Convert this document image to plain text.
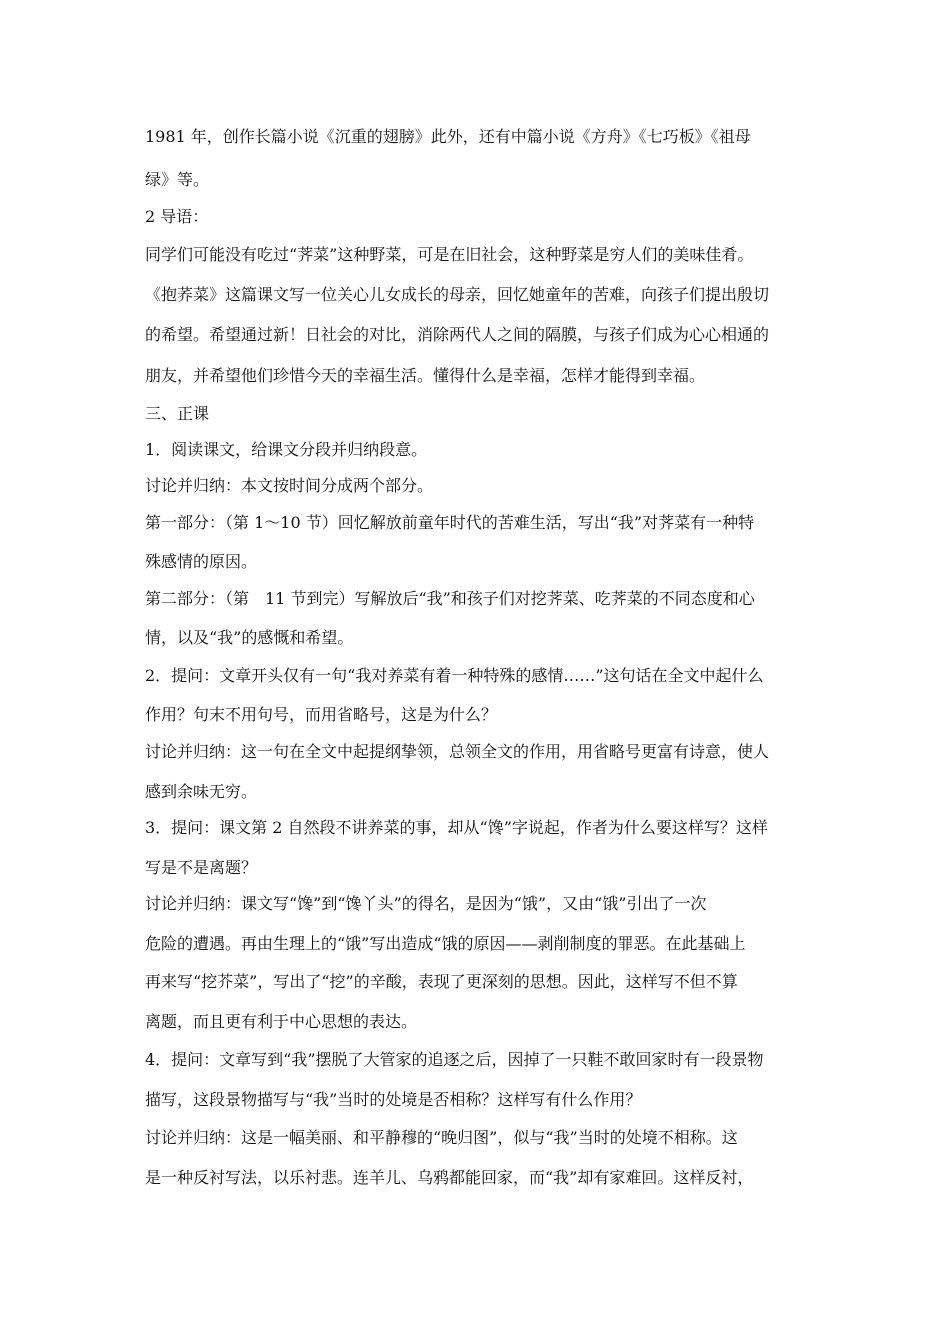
1981 年，创作长篇小说《沉重的翅膀》此外，还有中篇小说《方舟》《七巧板》《祖母
绿》等。
2 导语：
同学们可能没有吃过“荠菜”这种野菜，可是在旧社会，这种野菜是穷人们的美味佳肴。
《抱荞菜》这篇课文写一位关心儿女成长的母亲，回忆她童年的苦难，向孩子们提出殷切
的希望。希望通过新！日社会的对比，消除两代人之间的隔膜，与孩子们成为心心相通的
朋友，并希望他们珍惜今天的幸福生活。懂得什么是幸福，怎样才能得到幸福。
三、正课
1．阅读课文，给课文分段并归纳段意。
讨论并归纳：本文按时间分成两个部分。
第一部分：（第 1～10 节）回忆解放前童年时代的苦难生活，写出“我”对荠菜有一种特
殊感情的原因。
第二部分：（第　11 节到完）写解放后“我”和孩子们对挖荠菜、吃荠菜的不同态度和心
情，以及“我”的感慨和希望。
2．提问：文章开头仅有一句“我对养菜有着一种特殊的感情……”这句话在全文中起什么
作用？句末不用句号，而用省略号，这是为什么？
讨论并归纳：这一句在全文中起提纲挚领，总领全文的作用，用省略号更富有诗意，使人
感到余味无穷。
3．提问：课文第 2 自然段不讲养菜的事，却从“馋”字说起，作者为什么要这样写？这样
写是不是离题？
讨论并归纳：课文写“馋”到“馋丫头”的得名，是因为“饿”，又由“饿”引出了一次
危险的遭遇。再由生理上的“饿”写出造成“饿的原因——剥削制度的罪恶。在此基础上
再来写“挖芥菜”，写出了“挖”的辛酸，表现了更深刻的思想。因此，这样写不但不算
离题，而且更有利于中心思想的表达。
4．提问：文章写到“我”摆脱了大管家的追逐之后，因掉了一只鞋不敢回家时有一段景物
描写，这段景物描写与“我”当时的处境是否相称？这样写有什么作用？
讨论并归纳：这是一幅美丽、和平静穆的“晚归图”，似与“我”当时的处境不相称。这
是一种反衬写法，以乐衬悲。连羊儿、乌鸦都能回家，而“我”却有家难回。这样反衬，
